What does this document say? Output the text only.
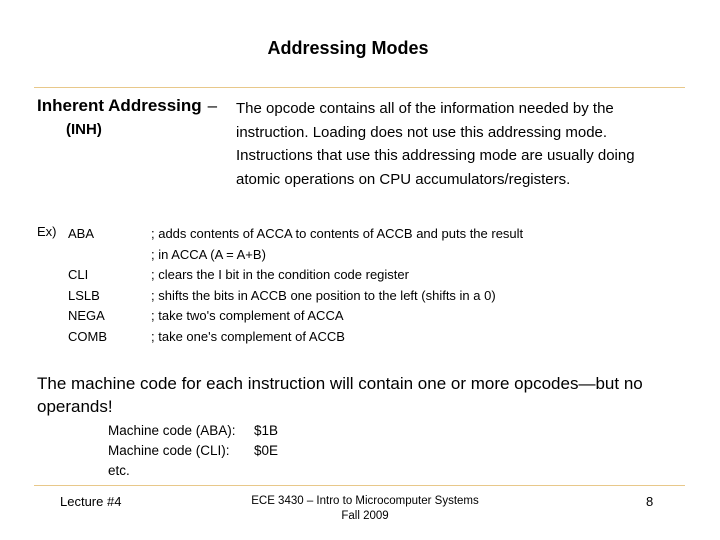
Addressing Modes
Inherent Addressing –
(INH)
The opcode contains all of the information needed by the
instruction. Loading does not use this addressing mode.
Instructions that use this addressing mode are usually doing
atomic operations on CPU accumulators/registers.
Ex) ABA
CLI
LSLB
NEGA
COMB
; adds contents of ACCA to contents of ACCB and puts the result
; in ACCA (A = A+B)
; clears the I bit in the condition code register
; shifts the bits in ACCB one position to the left (shifts in a 0)
; take two's complement of ACCA
; take one's complement of ACCB
The machine code for each instruction will contain one or more opcodes—but no
operands!
Machine code (ABA):
Machine code (CLI):
etc.
$1B
$0E
Lecture #4	ECE 3430 – Intro to Microcomputer Systems
Fall 2009
8
